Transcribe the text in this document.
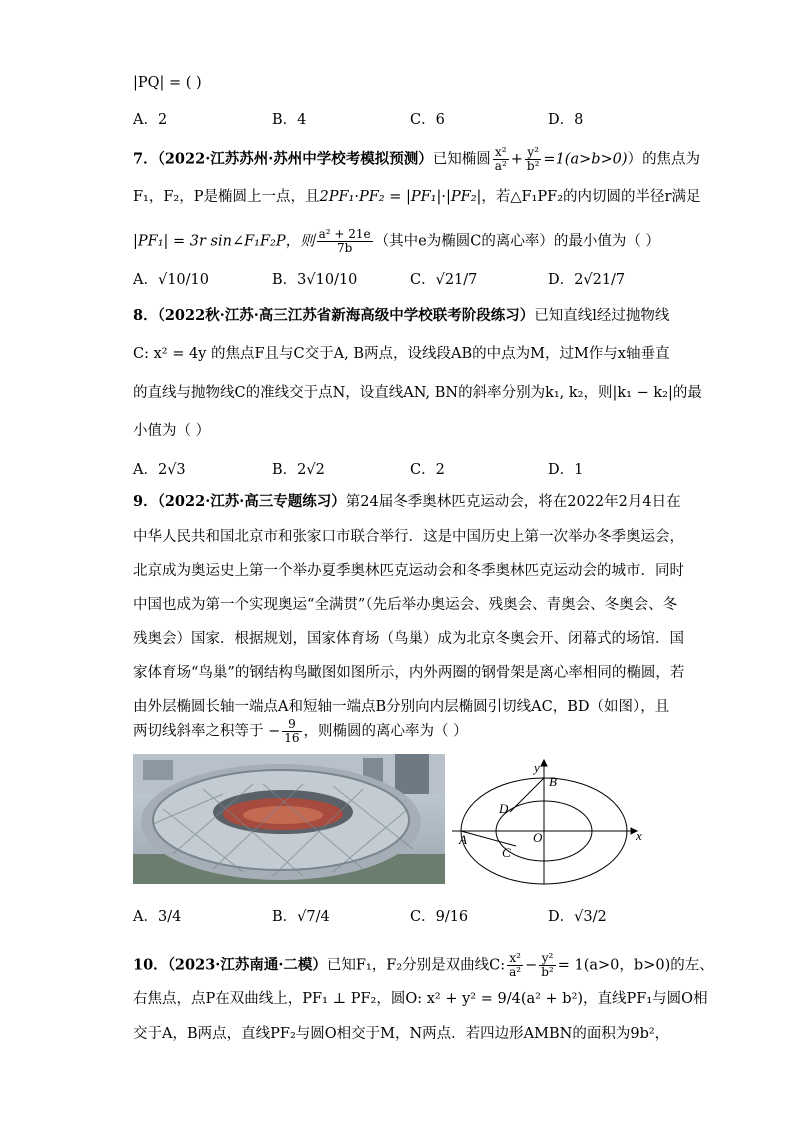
|PQ| = ( )
A．2	B．4	C．6	D．8
7．（2022·江苏苏州·苏州中学校考模拟预测）已知椭圆 $\frac{\text{x²}}{\text{a²}} + \frac{\text{y²}}{\text{b²}} =1(a>b>0)$）的焦点为
F₁，F₂，P是椭圆上一点，且2PF₁·PF₂ = |PF₁|·|PF₂|，若△F₁PF₂的内切圆的半径r满足
|PF₁| = 3r sin∠F₁F₂P，则 $\frac{\text{a² + 21e}}{7b}$ （其中e为椭圆C的离心率）的最小值为（ ）
A．√10/10	B．3√10/10	C．√21/7	D．2√21/7
8．（2022秋·江苏·高三江苏省新海高级中学校联考阶段练习）已知直线l经过抛物线
C: x² = 4y 的焦点F且与C交于A, B两点，设线段AB的中点为M，过M作与x轴垂直
的直线与抛物线C的准线交于点N，设直线AN, BN的斜率分别为k₁, k₂，则|k₁ − k₂|的最
小值为（ ）
A．2√3	B．2√2	C．2	D．1
9．（2022·江苏·高三专题练习）第24届冬季奥林匹克运动会，将在2022年2月4日在
中华人民共和国北京市和张家口市联合举行．这是中国历史上第一次举办冬季奥运会，
北京成为奥运史上第一个举办夏季奥林匹克运动会和冬季奥林匹克运动会的城市．同时
中国也成为第一个实现奥运“全满贯”（先后举办奥运会、残奥会、青奥会、冬奥会、冬
残奥会）国家．根据规划，国家体育场（鸟巢）成为北京冬奥会开、闭幕式的场馆．国
家体育场“鸟巢”的钢结构鸟瞰图如图所示，内外两圈的钢骨架是离心率相同的椭圆，若
由外层椭圆长轴一端点A和短轴一端点B分别向内层椭圆引切线AC，BD（如图），且
两切线斜率之积等于 − $\frac{9}{16}$ ，则椭圆的离心率为（ ）
y
x
B
D
O
A
C
A．3/4	B．√7/4	C．9/16	D．√3/2
10．（2023·江苏南通·二模）已知F₁，F₂分别是双曲线C: $\frac{\text{x²}}{\text{a²}} - \frac{\text{y²}}{\text{b²}} = 1(a>0$，b>0)的左、
右焦点，点P在双曲线上，PF₁ ⊥ PF₂，圆O: x² + y² = 9/4(a² + b²)，直线PF₁与圆O相
交于A，B两点，直线PF₂与圆O相交于M，N两点．若四边形AMBN的面积为9b²，
